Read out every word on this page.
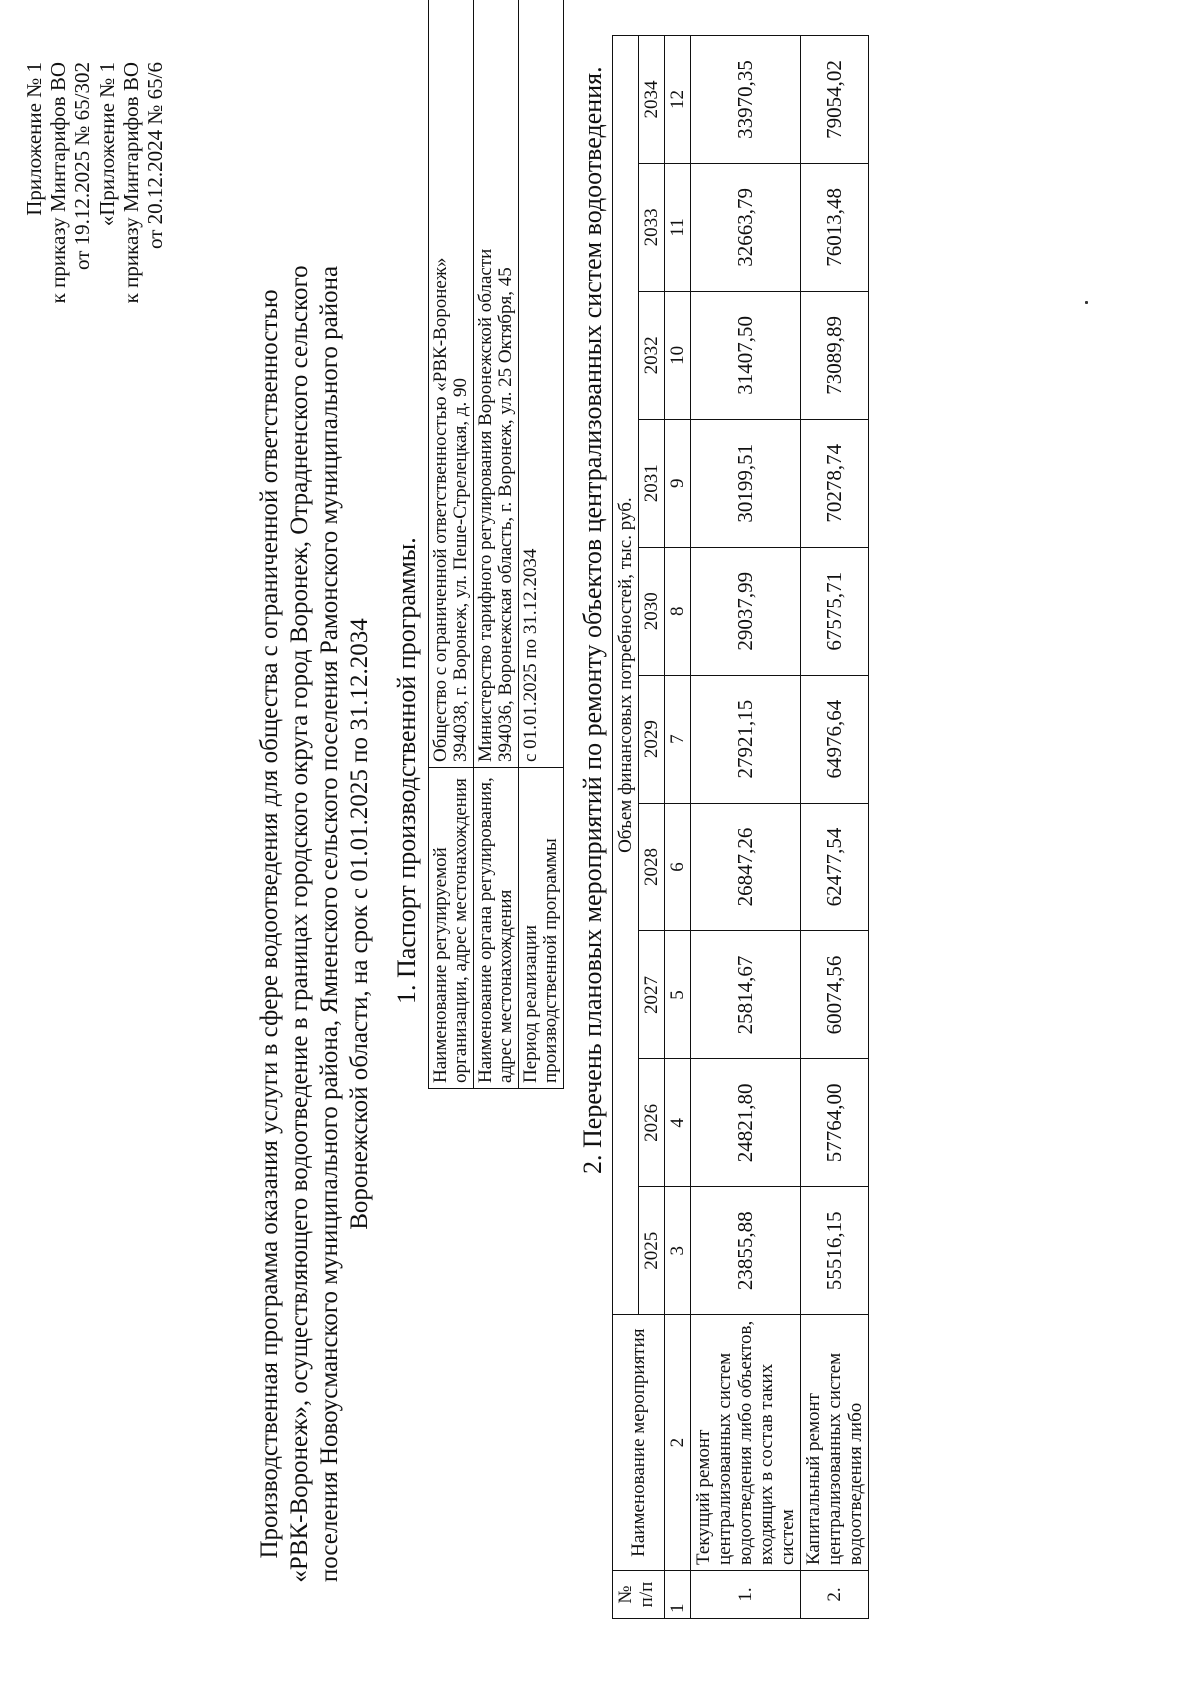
Приложение № 1 к приказу Минтарифов ВО от 19.12.2025 № 65/302 «Приложение № 1 к приказу Минтарифов ВО от 20.12.2024 № 65/6
Производственная программа оказания услуги в сфере водоотведения для общества с ограниченной ответственностью «РВК-Воронеж», осуществляющего водоотведение в границах городского округа город Воронеж, Отрадненского сельского поселения Новоусманского муниципального района, Ямненского сельского поселения Рамонского муниципального района Воронежской области, на срок с 01.01.2025 по 31.12.2034 1. Паспорт производственной программы. Наименование регулируемой организации, адрес местонахождения	Общество с ограниченной ответственностью «РВК-Воронеж» 394038, г. Воронеж, ул. Пеше-Стрелецкая, д. 90

Наименование органа регулирования, адрес местонахождения	Министерство тарифного регулирования Воронежской области 394036, Воронежская область, г. Воронеж, ул. 25 Октября, 45

Период реализации производственной программы	с 01.01.2025 по 31.12.2034 2. Перечень плановых мероприятий по ремонту объектов централизованных систем водоотведения.
№ п/п	Наименование мероприятия	Объем финансовых потребностей, тыс. руб.									
		2025	2026	2027	2028	2029	2030	2031	2032	2033	2034
1	2	3	4	5	6	7	8	9	10	11	12
1.	Текущий ремонт централизованных систем водоотведения либо объектов, входящих в состав таких систем	23855,88	24821,80	25814,67	26847,26	27921,15	29037,99	30199,51	31407,50	32663,79	33970,35
2.	Капитальный ремонт централизованных систем водоотведения либо	55516,15	57764,00	60074,56	62477,54	64976,64	67575,71	70278,74	73089,89	76013,48	79054,02
